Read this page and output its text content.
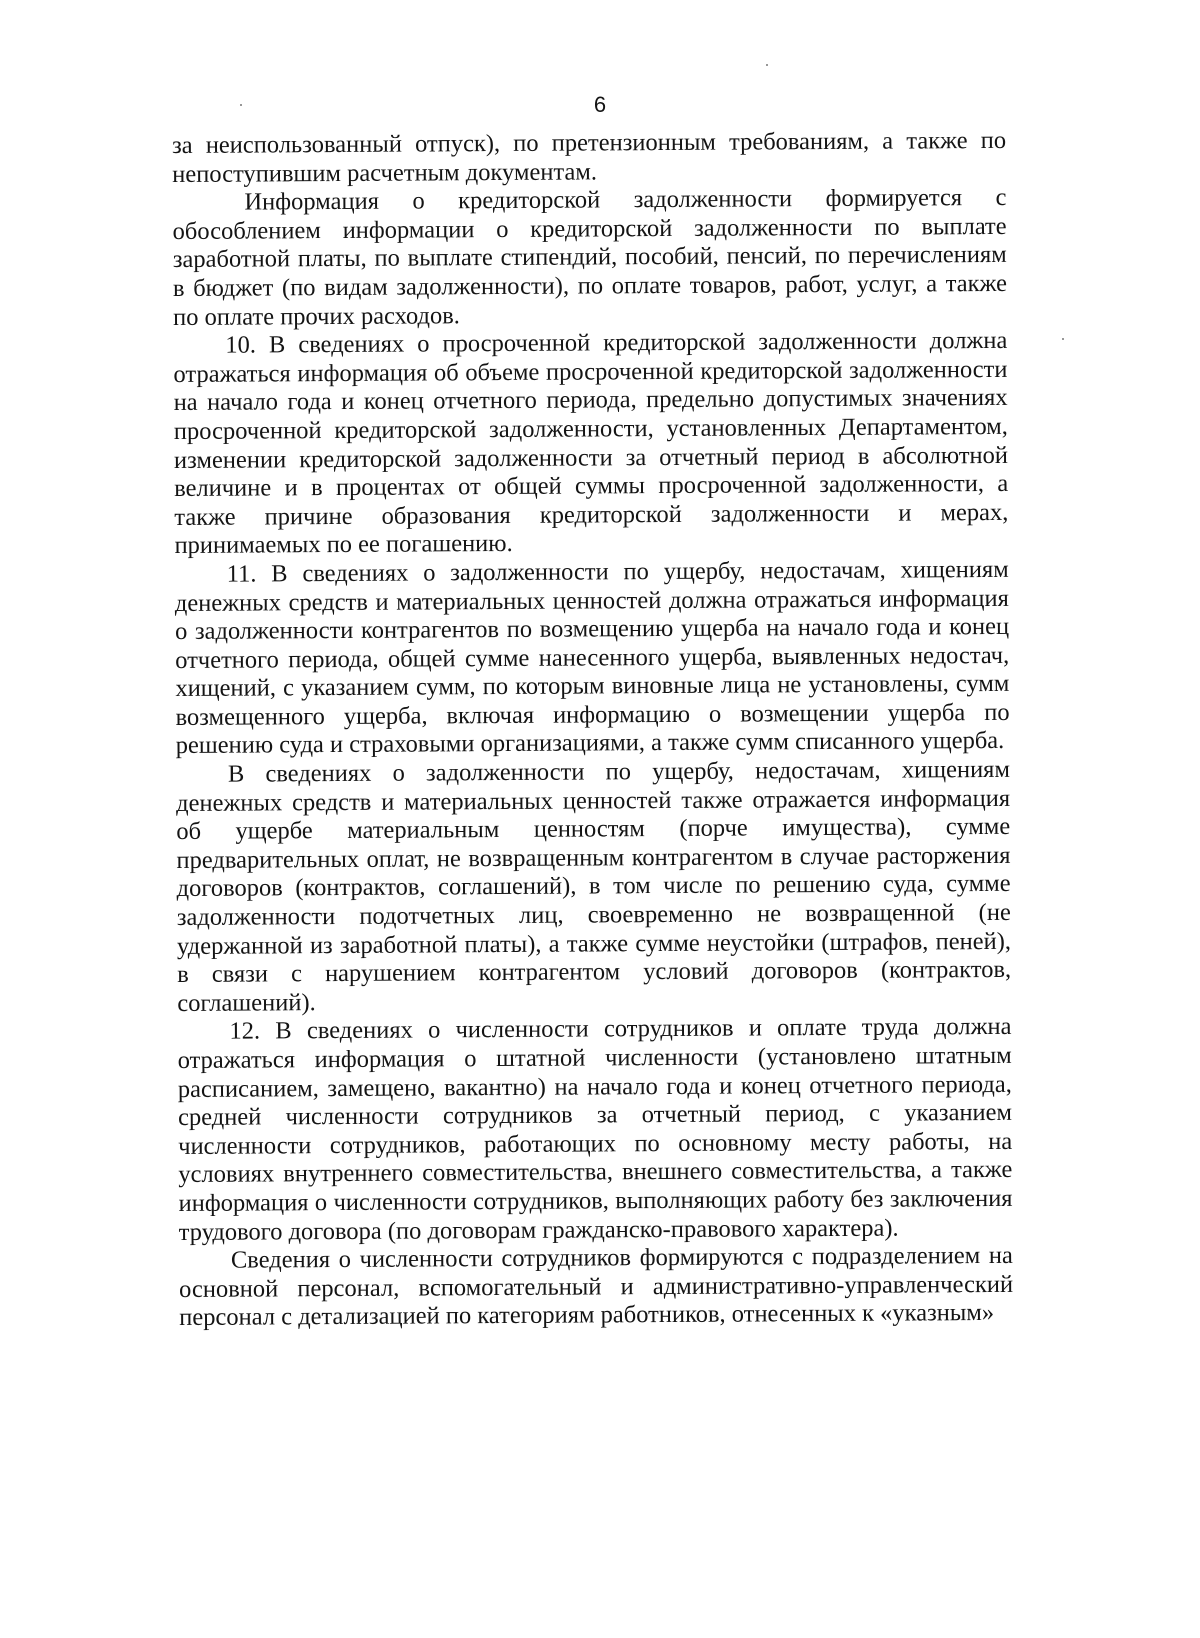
6

за неиспользованный отпуск), по претензионным требованиям, а также по непоступившим расчетным документам.

Информация о кредиторской задолженности формируется с обособлением информации о кредиторской задолженности по выплате заработной платы, по выплате стипендий, пособий, пенсий, по перечислениям в бюджет (по видам задолженности), по оплате товаров, работ, услуг, а также по оплате прочих расходов.

10. В сведениях о просроченной кредиторской задолженности должна отражаться информация об объеме просроченной кредиторской задолженности на начало года и конец отчетного периода, предельно допустимых значениях просроченной кредиторской задолженности, установленных Департаментом, изменении кредиторской задолженности за отчетный период в абсолютной величине и в процентах от общей суммы просроченной задолженности, а также причине образования кредиторской задолженности и мерах, принимаемых по ее погашению.

11. В сведениях о задолженности по ущербу, недостачам, хищениям денежных средств и материальных ценностей должна отражаться информация о задолженности контрагентов по возмещению ущерба на начало года и конец отчетного периода, общей сумме нанесенного ущерба, выявленных недостач, хищений, с указанием сумм, по которым виновные лица не установлены, сумм возмещенного ущерба, включая информацию о возмещении ущерба по решению суда и страховыми организациями, а также сумм списанного ущерба.

В сведениях о задолженности по ущербу, недостачам, хищениям денежных средств и материальных ценностей также отражается информация об ущербе материальным ценностям (порче имущества), сумме предварительных оплат, не возвращенным контрагентом в случае расторжения договоров (контрактов, соглашений), в том числе по решению суда, сумме задолженности подотчетных лиц, своевременно не возвращенной (не удержанной из заработной платы), а также сумме неустойки (штрафов, пеней), в связи с нарушением контрагентом условий договоров (контрактов, соглашений).

12. В сведениях о численности сотрудников и оплате труда должна отражаться информация о штатной численности (установлено штатным расписанием, замещено, вакантно) на начало года и конец отчетного периода, средней численности сотрудников за отчетный период, с указанием численности сотрудников, работающих по основному месту работы, на условиях внутреннего совместительства, внешнего совместительства, а также информация о численности сотрудников, выполняющих работу без заключения трудового договора (по договорам гражданско-правового характера).

Сведения о численности сотрудников формируются с подразделением на основной персонал, вспомогательный и административно-управленческий персонал с детализацией по категориям работников, отнесенных к «указным»
